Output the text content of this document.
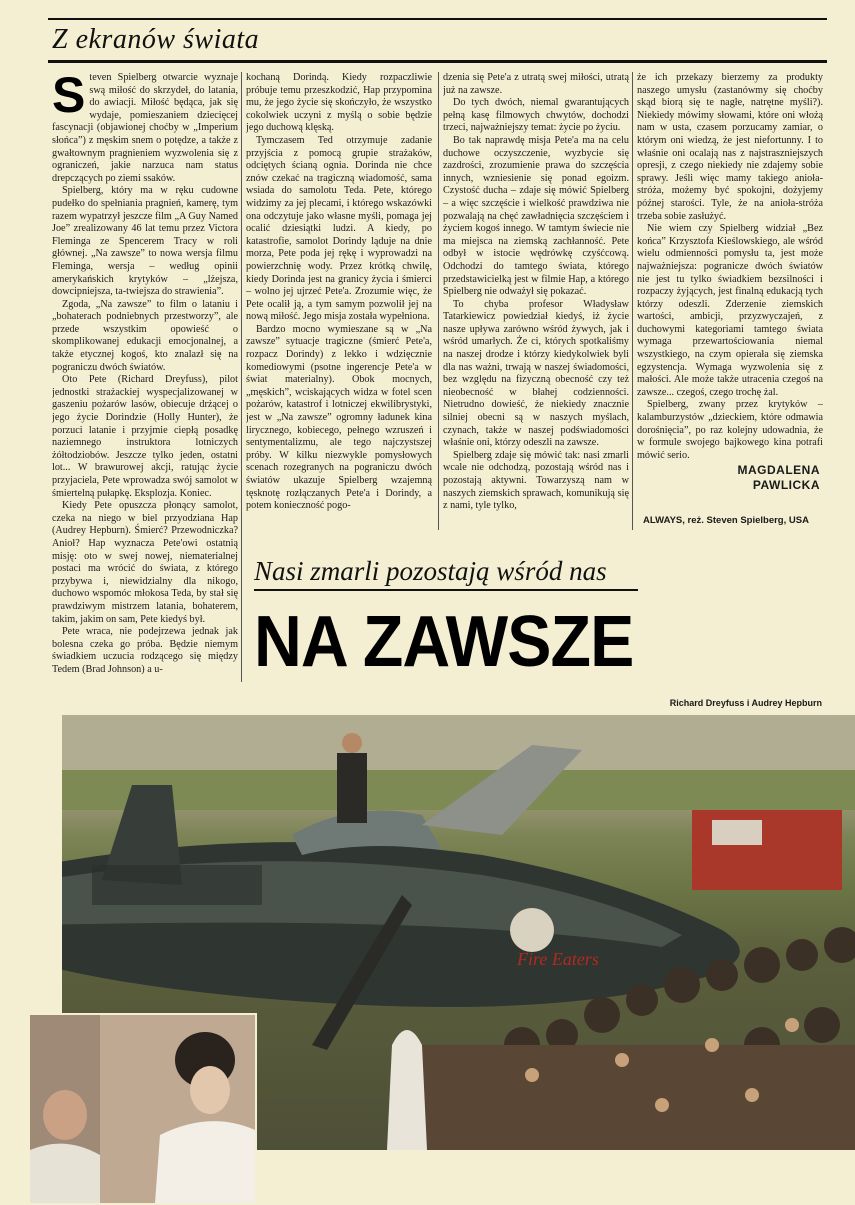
Z ekranów świata

Steven Spielberg otwarcie wyznaje swą miłość do skrzydeł, do latania, do awiacji. Miłość będąca, jak się wydaje, pomieszaniem dziecięcej fascynacji (objawionej choćby w „Imperium słońca”) z męskim snem o potędze, a także z gwałtownym pragnieniem wyzwolenia się z ograniczeń, jakie narzuca nam status drepczących po ziemi ssaków.

Spielberg, który ma w ręku cudowne pudełko do spełniania pragnień, kamerę, tym razem wypatrzył jeszcze film „A Guy Named Joe” zrealizowany 46 lat temu przez Victora Fleminga ze Spencerem Tracy w roli głównej. „Na zawsze” to nowa wersja filmu Fleminga, wersja – według opinii amerykańskich krytyków – „lżejsza, dowcipniejsza, ta-twiejsza do strawienia”.

Zgoda, „Na zawsze” to film o lataniu i „bohaterach podniebnych przestworzy”, ale przede wszystkim opowieść o skomplikowanej edukacji emocjonalnej, a także etycznej kogoś, kto znalazł się na pograniczu dwóch światów.

Oto Pete (Richard Dreyfuss), pilot jednostki strażackiej wyspecjalizowanej w gaszeniu pożarów lasów, obiecuje drżącej o jego życie Dorindzie (Holly Hunter), że porzuci latanie i przyjmie ciepłą posadkę naziemnego instruktora lotniczych żółtodziobów. Jeszcze tylko jeden, ostatni lot... W brawurowej akcji, ratując życie przyjaciela, Pete wprowadza swój samolot w śmiertelną pułapkę. Eksplozja. Koniec.

Kiedy Pete opuszcza płonący samolot, czeka na niego w biel przyodziana Hap (Audrey Hepburn). Śmierć? Przewodniczka? Anioł? Hap wyznacza Pete'owi ostatnią misję: oto w swej nowej, niematerialnej postaci ma wrócić do świata, z którego przybywa i, niewidzialny dla nikogo, duchowo wspomóc młokosa Teda, by stał się prawdziwym mistrzem latania, bohaterem, takim, jakim on sam, Pete kiedyś był.

Pete wraca, nie podejrzewa jednak jak bolesna czeka go próba. Będzie niemym świadkiem uczucia rodzącego się między Tedem (Brad Johnson) a u-

kochaną Dorindą. Kiedy rozpaczliwie próbuje temu przeszkodzić, Hap przypomina mu, że jego życie się skończyło, że wszystko cokolwiek uczyni z myślą o sobie będzie jego duchową klęską.

Tymczasem Ted otrzymuje zadanie przyjścia z pomocą grupie strażaków, odciętych ścianą ognia. Dorinda nie chce znów czekać na tragiczną wiadomość, sama wsiada do samolotu Teda. Pete, którego widzimy za jej plecami, i którego wskazówki ona odczytuje jako własne myśli, pomaga jej ocalić dziesiątki ludzi. A kiedy, po katastrofie, samolot Dorindy ląduje na dnie morza, Pete poda jej rękę i wyprowadzi na powierzchnię wody. Przez krótką chwilę, kiedy Dorinda jest na granicy życia i śmierci – wolno jej ujrzeć Pete'a. Zrozumie więc, że Pete ocalił ją, a tym samym pozwolił jej na nową miłość. Jego misja została wypełniona.

Bardzo mocno wymieszane są w „Na zawsze” sytuacje tragiczne (śmierć Pete'a, rozpacz Dorindy) z lekko i wdzięcznie komediowymi (psotne ingerencje Pete'a w świat materialny). Obok mocnych, „męskich”, wciskających widza w fotel scen pożarów, katastrof i lotniczej ekwilibrystyki, jest w „Na zawsze” ogromny ładunek kina lirycznego, kobiecego, pełnego wzruszeń i sentymentalizmu, ale tego najczystszej próby. W kilku niezwykle pomysłowych scenach rozegranych na pograniczu dwóch światów ukazuje Spielberg wzajemną tęsknotę rozłączanych Pete'a i Dorindy, a potem konieczność pogo-

dzenia się Pete'a z utratą swej miłości, utratą już na zawsze.

Do tych dwóch, niemal gwarantujących pełną kasę filmowych chwytów, dochodzi trzeci, najważniejszy temat: życie po życiu.

Bo tak naprawdę misja Pete'a ma na celu duchowe oczyszczenie, wyzbycie się zazdrości, zrozumienie prawa do szczęścia innych, wzniesienie się ponad egoizm. Czystość ducha – zdaje się mówić Spielberg – a więc szczęście i wielkość prawdziwa nie pozwalają na chęć zawładnięcia szczęściem i życiem kogoś innego. W tamtym świecie nie ma miejsca na ziemską zachłanność. Pete odbył w istocie wędrówkę czyśćcową. Odchodzi do tamtego świata, którego przedstawicielką jest w filmie Hap, a którego Spielberg nie odważył się pokazać.

To chyba profesor Władysław Tatarkiewicz powiedział kiedyś, iż życie nasze upływa zarówno wśród żywych, jak i wśród umarłych. Że ci, których spotkaliśmy na naszej drodze i którzy kiedykolwiek byli dla nas ważni, trwają w naszej świadomości, bez względu na fizyczną obecność czy też nieobecność w błahej codzienności. Nietrudno dowieść, że niekiedy znacznie silniej obecni są w naszych myślach, czynach, także w naszej podświadomości właśnie oni, którzy odeszli na zawsze.

Spielberg zdaje się mówić tak: nasi zmarli wcale nie odchodzą, pozostają wśród nas i pozostają aktywni. Towarzyszą nam w naszych ziemskich sprawach, komunikują się z nami, tyle tylko,

że ich przekazy bierzemy za produkty naszego umysłu (zastanówmy się choćby skąd biorą się te nagłe, natrętne myśli?). Niekiedy mówimy słowami, które oni włożą nam w usta, czasem porzucamy zamiar, o którym oni wiedzą, że jest niefortunny. I to właśnie oni ocalają nas z najstraszniejszych opresji, z czego niekiedy nie zdajemy sobie sprawy. Jeśli więc mamy takiego anioła-stróża, możemy być spokojni, dożyjemy późnej starości. Tyle, że na anioła-stróża trzeba sobie zasłużyć.

Nie wiem czy Spielberg widział „Bez końca” Krzysztofa Kieślowskiego, ale wśród wielu odmienności pomysłu ta, jest może najważniejsza: pogranicze dwóch światów nie jest tu tylko świadkiem bezsilności i rozpaczy żyjących, jest finalną edukacją tych którzy odeszli. Zderzenie ziemskich wartości, ambicji, przyzwyczajeń, z duchowymi kategoriami tamtego świata wymaga przewartościowania niemal wszystkiego, na czym opierała się ziemska egzystencja. Wymaga wyzwolenia się z małości. Ale może także utracenia czegoś na zawsze... czegoś, czego trochę żal.

Spielberg, zwany przez krytyków – kalamburzystów „dzieckiem, które odmawia dorośnięcia”, po raz kolejny udowadnia, że w formule swojego bajkowego kina potrafi mówić serio.

MAGDALENA
PAWLICKA
ALWAYS, reż. Steven Spielberg, USA
Nasi zmarli pozostają wśród nas
NA ZAWSZE
Richard Dreyfuss i Audrey Hepburn
Fire Eaters
